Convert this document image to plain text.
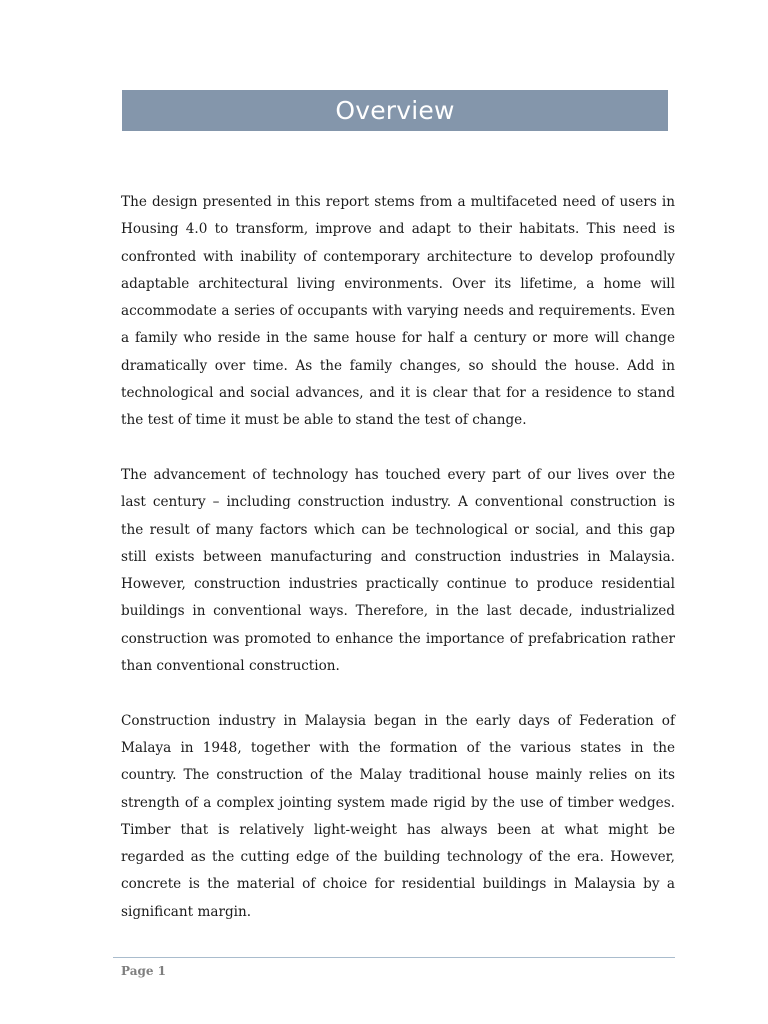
Overview

The design presented in this report stems from a multifaceted need of users in Housing 4.0 to transform, improve and adapt to their habitats. This need is confronted with inability of contemporary architecture to develop profoundly adaptable architectural living environments. Over its lifetime, a home will accommodate a series of occupants with varying needs and requirements. Even a family who reside in the same house for half a century or more will change dramatically over time. As the family changes, so should the house. Add in technological and social advances, and it is clear that for a residence to stand the test of time it must be able to stand the test of change.

The advancement of technology has touched every part of our lives over the last century – including construction industry. A conventional construction is the result of many factors which can be technological or social, and this gap still exists between manufacturing and construction industries in Malaysia. However, construction industries practically continue to produce residential buildings in conventional ways. Therefore, in the last decade, industrialized construction was promoted to enhance the importance of prefabrication rather than conventional construction.

Construction industry in Malaysia began in the early days of Federation of Malaya in 1948, together with the formation of the various states in the country. The construction of the Malay traditional house mainly relies on its strength of a complex jointing system made rigid by the use of timber wedges. Timber that is relatively light-weight has always been at what might be regarded as the cutting edge of the building technology of the era. However, concrete is the material of choice for residential buildings in Malaysia by a significant margin.

Page 1
